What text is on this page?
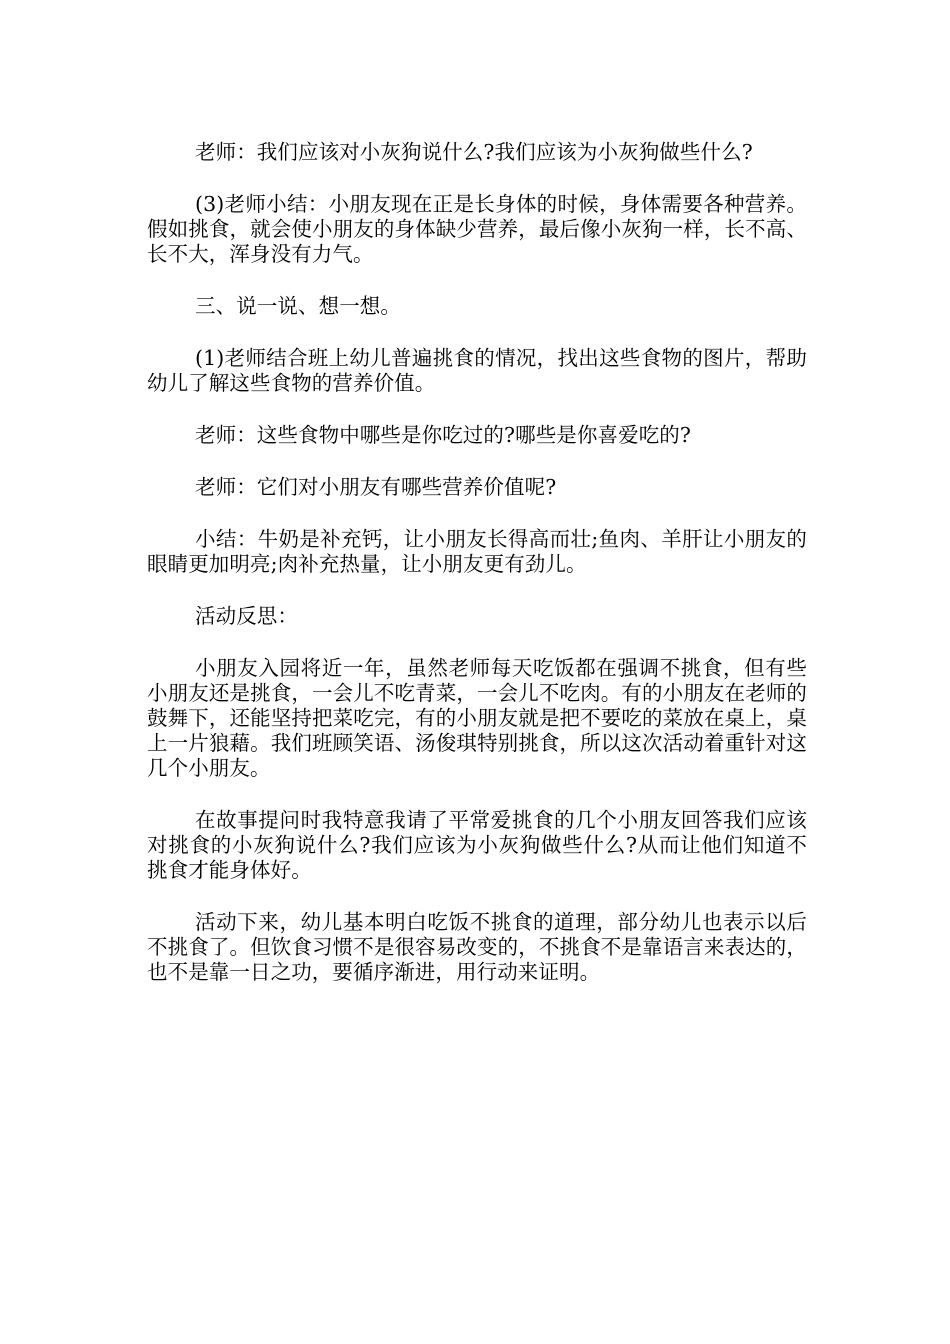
老师：我们应该对小灰狗说什么?我们应该为小灰狗做些什么?

(3)老师小结：小朋友现在正是长身体的时候，身体需要各种营养。假如挑食，就会使小朋友的身体缺少营养，最后像小灰狗一样，长不高、长不大，浑身没有力气。

三、说一说、想一想。

(1)老师结合班上幼儿普遍挑食的情况，找出这些食物的图片，帮助幼儿了解这些食物的营养价值。

老师：这些食物中哪些是你吃过的?哪些是你喜爱吃的?

老师：它们对小朋友有哪些营养价值呢?

小结：牛奶是补充钙，让小朋友长得高而壮;鱼肉、羊肝让小朋友的眼睛更加明亮;肉补充热量，让小朋友更有劲儿。

活动反思：

小朋友入园将近一年，虽然老师每天吃饭都在强调不挑食，但有些小朋友还是挑食，一会儿不吃青菜，一会儿不吃肉。有的小朋友在老师的鼓舞下，还能坚持把菜吃完，有的小朋友就是把不要吃的菜放在桌上，桌上一片狼藉。我们班顾笑语、汤俊琪特别挑食，所以这次活动着重针对这几个小朋友。

在故事提问时我特意我请了平常爱挑食的几个小朋友回答我们应该对挑食的小灰狗说什么?我们应该为小灰狗做些什么?从而让他们知道不挑食才能身体好。

活动下来，幼儿基本明白吃饭不挑食的道理，部分幼儿也表示以后不挑食了。但饮食习惯不是很容易改变的，不挑食不是靠语言来表达的，也不是靠一日之功，要循序渐进，用行动来证明。
